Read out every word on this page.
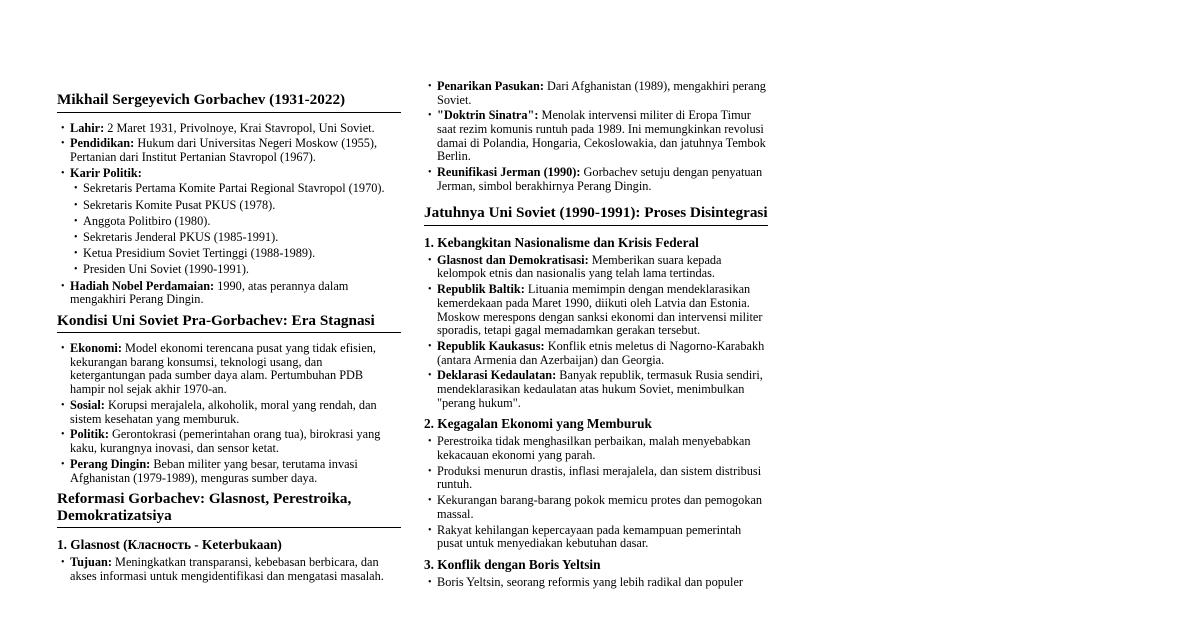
Mikhail Sergeyevich Gorbachev (1931-2022)
• Lahir: 2 Maret 1931, Privolnoye, Krai Stavropol, Uni Soviet.
• Pendidikan: Hukum dari Universitas Negeri Moskow (1955), Pertanian dari Institut Pertanian Stavropol (1967).
• Karir Politik:
• Sekretaris Pertama Komite Partai Regional Stavropol (1970).
• Sekretaris Komite Pusat PKUS (1978).
• Anggota Politbiro (1980).
• Sekretaris Jenderal PKUS (1985-1991).
• Ketua Presidium Soviet Tertinggi (1988-1989).
• Presiden Uni Soviet (1990-1991).
• Hadiah Nobel Perdamaian: 1990, atas perannya dalam mengakhiri Perang Dingin.
Kondisi Uni Soviet Pra-Gorbachev: Era Stagnasi
• Ekonomi: Model ekonomi terencana pusat yang tidak efisien, kekurangan barang konsumsi, teknologi usang, dan ketergantungan pada sumber daya alam. Pertumbuhan PDB hampir nol sejak akhir 1970-an.
• Sosial: Korupsi merajalela, alkoholik, moral yang rendah, dan sistem kesehatan yang memburuk.
• Politik: Gerontokrasi (pemerintahan orang tua), birokrasi yang kaku, kurangnya inovasi, dan sensor ketat.
• Perang Dingin: Beban militer yang besar, terutama invasi Afghanistan (1979-1989), menguras sumber daya.
Reformasi Gorbachev: Glasnost, Perestroika, Demokratizatsiya
1. Glasnost (Класность - Keterbukaan)
• Tujuan: Meningkatkan transparansi, kebebasan berbicara, dan akses informasi untuk mengidentifikasi dan mengatasi masalah.
• Penarikan Pasukan: Dari Afghanistan (1989), mengakhiri perang Soviet.
• "Doktrin Sinatra": Menolak intervensi militer di Eropa Timur saat rezim komunis runtuh pada 1989. Ini memungkinkan revolusi damai di Polandia, Hongaria, Cekoslowakia, dan jatuhnya Tembok Berlin.
• Reunifikasi Jerman (1990): Gorbachev setuju dengan penyatuan Jerman, simbol berakhirnya Perang Dingin.
Jatuhnya Uni Soviet (1990-1991): Proses Disintegrasi
1. Kebangkitan Nasionalisme dan Krisis Federal
• Glasnost dan Demokratisasi: Memberikan suara kepada kelompok etnis dan nasionalis yang telah lama tertindas.
• Republik Baltik: Lituania memimpin dengan mendeklarasikan kemerdekaan pada Maret 1990, diikuti oleh Latvia dan Estonia. Moskow merespons dengan sanksi ekonomi dan intervensi militer sporadis, tetapi gagal memadamkan gerakan tersebut.
• Republik Kaukasus: Konflik etnis meletus di Nagorno-Karabakh (antara Armenia dan Azerbaijan) dan Georgia.
• Deklarasi Kedaulatan: Banyak republik, termasuk Rusia sendiri, mendeklarasikan kedaulatan atas hukum Soviet, menimbulkan "perang hukum".
2. Kegagalan Ekonomi yang Memburuk
• Perestroika tidak menghasilkan perbaikan, malah menyebabkan kekacauan ekonomi yang parah.
• Produksi menurun drastis, inflasi merajalela, dan sistem distribusi runtuh.
• Kekurangan barang-barang pokok memicu protes dan pemogokan massal.
• Rakyat kehilangan kepercayaan pada kemampuan pemerintah pusat untuk menyediakan kebutuhan dasar.
3. Konflik dengan Boris Yeltsin
• Boris Yeltsin, seorang reformis yang lebih radikal dan populer
